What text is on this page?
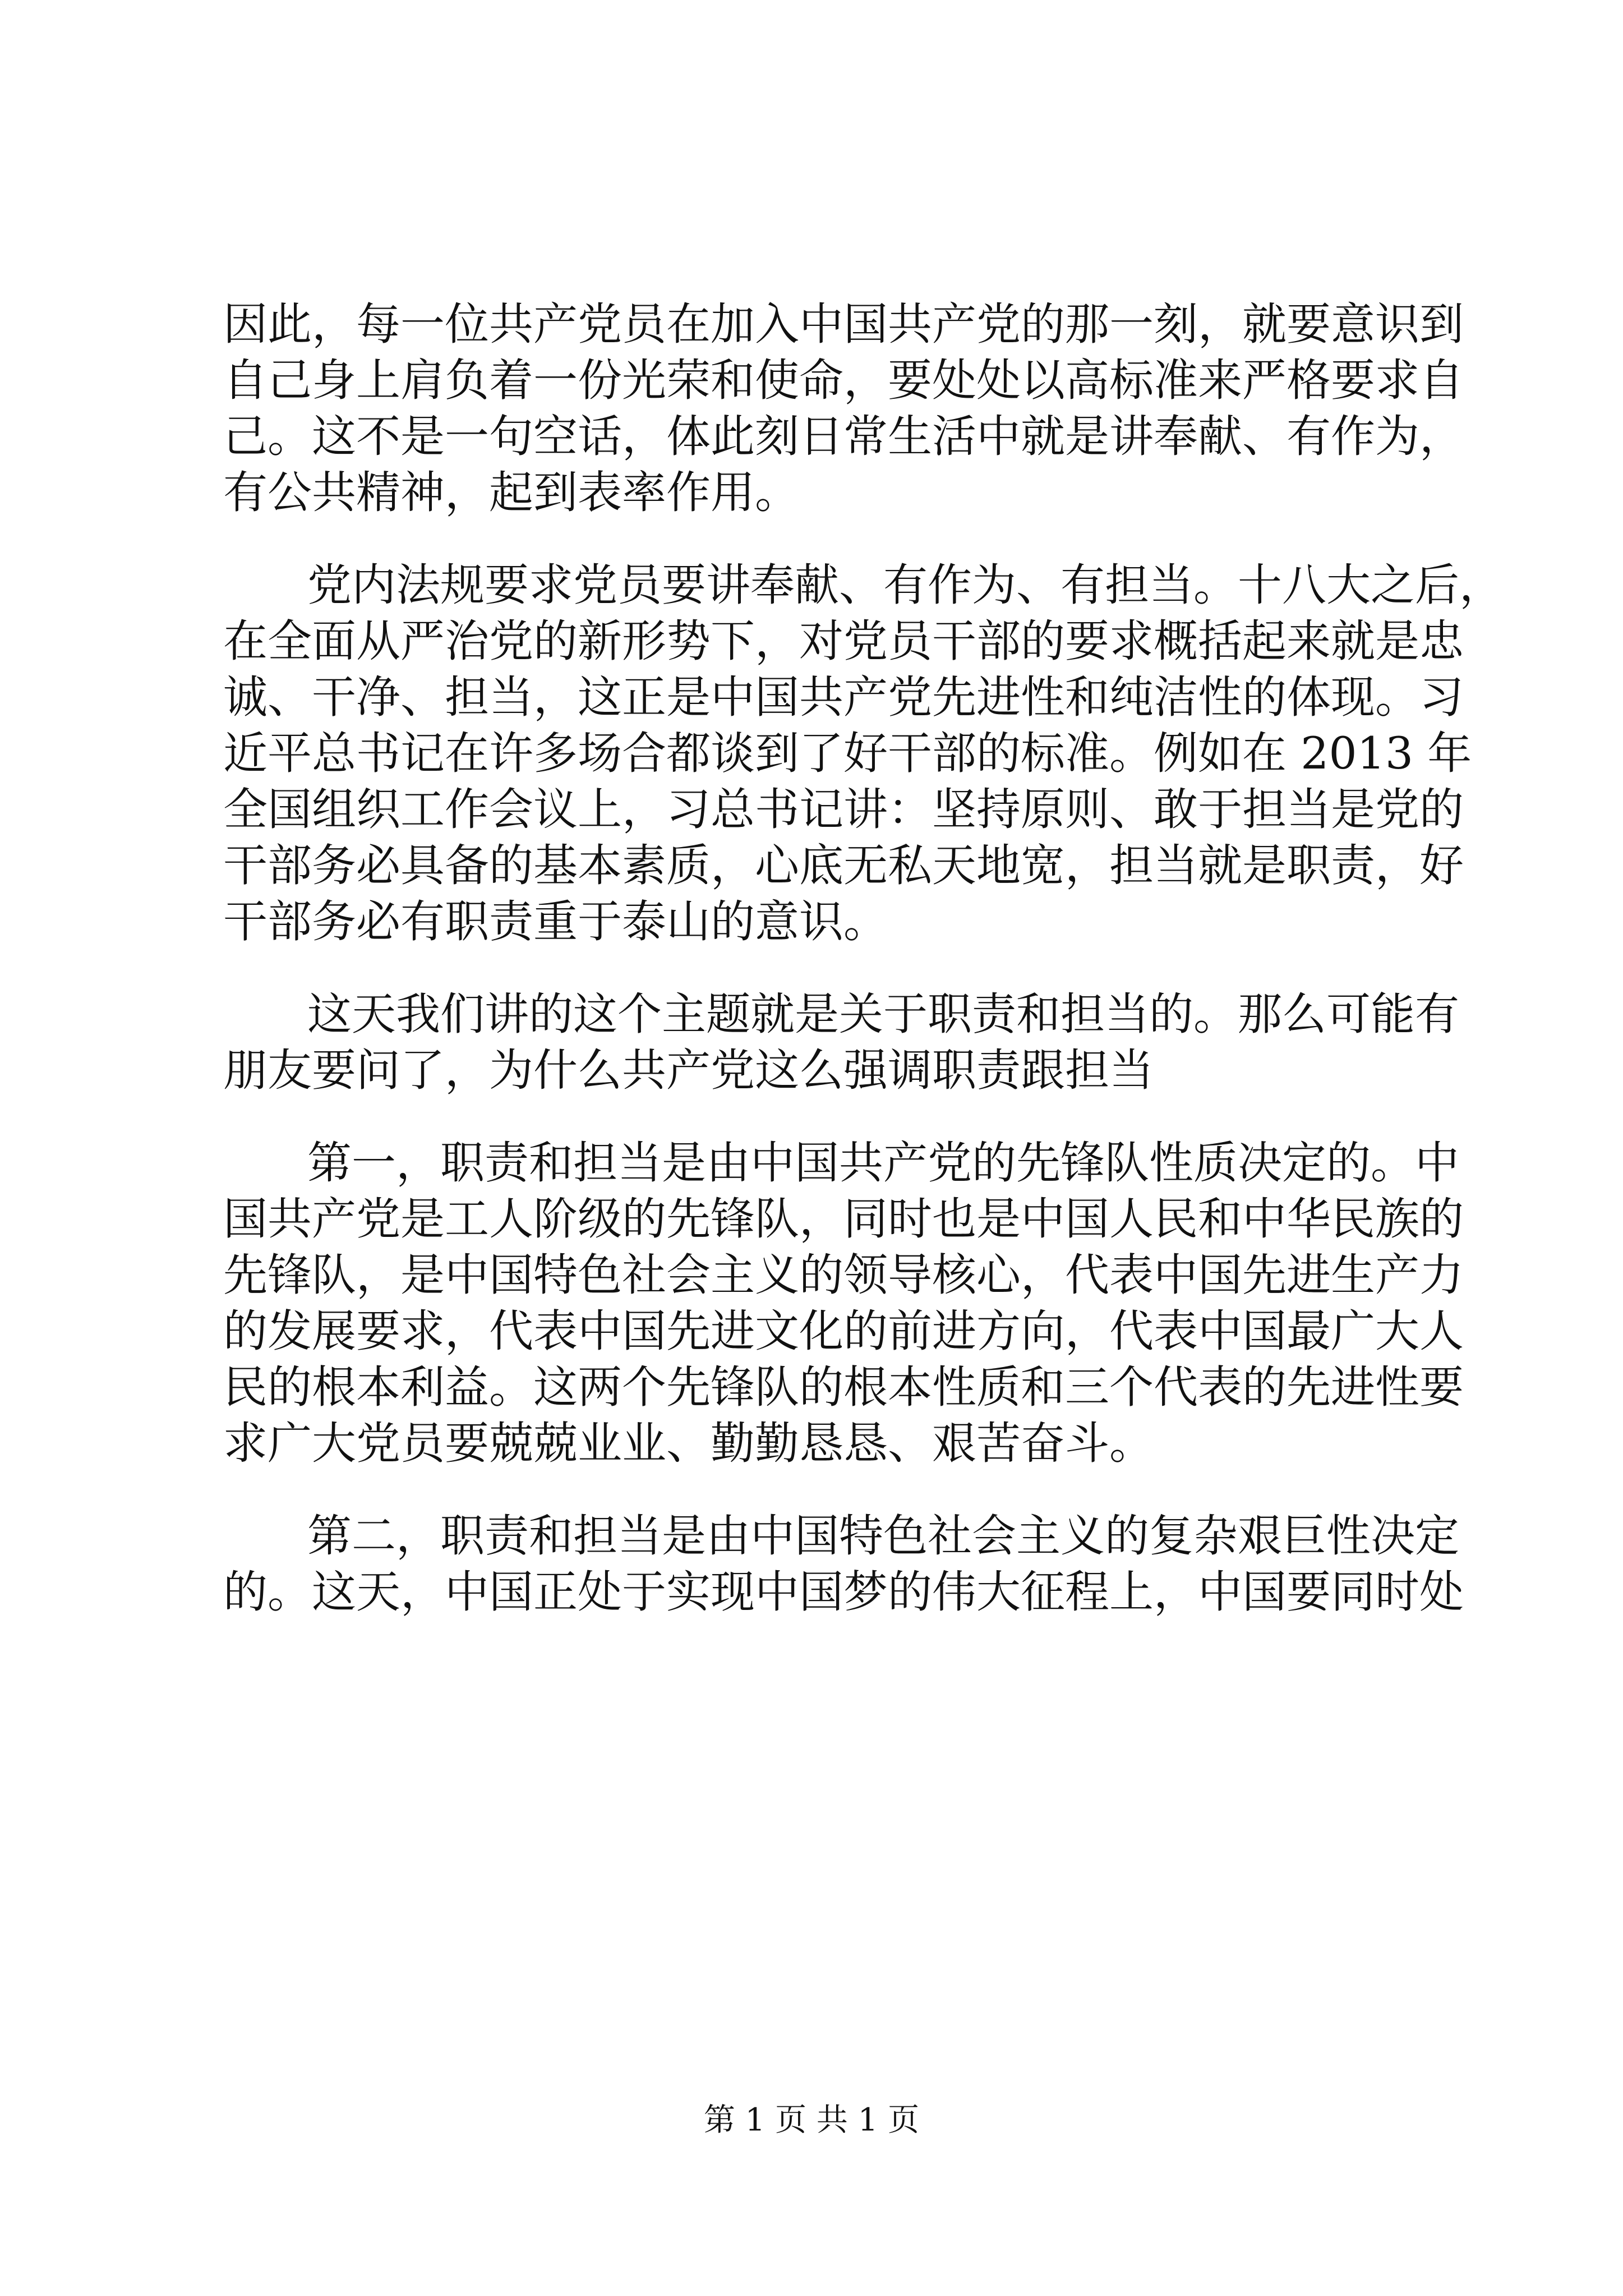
因此，每一位共产党员在加入中国共产党的那一刻，就要意识到
自己身上肩负着一份光荣和使命，要处处以高标准来严格要求自
己。这不是一句空话，体此刻日常生活中就是讲奉献、有作为，
有公共精神，起到表率作用。
党内法规要求党员要讲奉献、有作为、有担当。十八大之后，
在全面从严治党的新形势下，对党员干部的要求概括起来就是忠
诚、干净、担当，这正是中国共产党先进性和纯洁性的体现。习
近平总书记在许多场合都谈到了好干部的标准。例如在 2013 年
全国组织工作会议上，习总书记讲：坚持原则、敢于担当是党的
干部务必具备的基本素质，心底无私天地宽，担当就是职责，好
干部务必有职责重于泰山的意识。
这天我们讲的这个主题就是关于职责和担当的。那么可能有
朋友要问了，为什么共产党这么强调职责跟担当
第一，职责和担当是由中国共产党的先锋队性质决定的。中
国共产党是工人阶级的先锋队，同时也是中国人民和中华民族的
先锋队，是中国特色社会主义的领导核心，代表中国先进生产力
的发展要求，代表中国先进文化的前进方向，代表中国最广大人
民的根本利益。这两个先锋队的根本性质和三个代表的先进性要
求广大党员要兢兢业业、勤勤恳恳、艰苦奋斗。
第二，职责和担当是由中国特色社会主义的复杂艰巨性决定
的。这天，中国正处于实现中国梦的伟大征程上，中国要同时处
第 1 页 共 1 页
